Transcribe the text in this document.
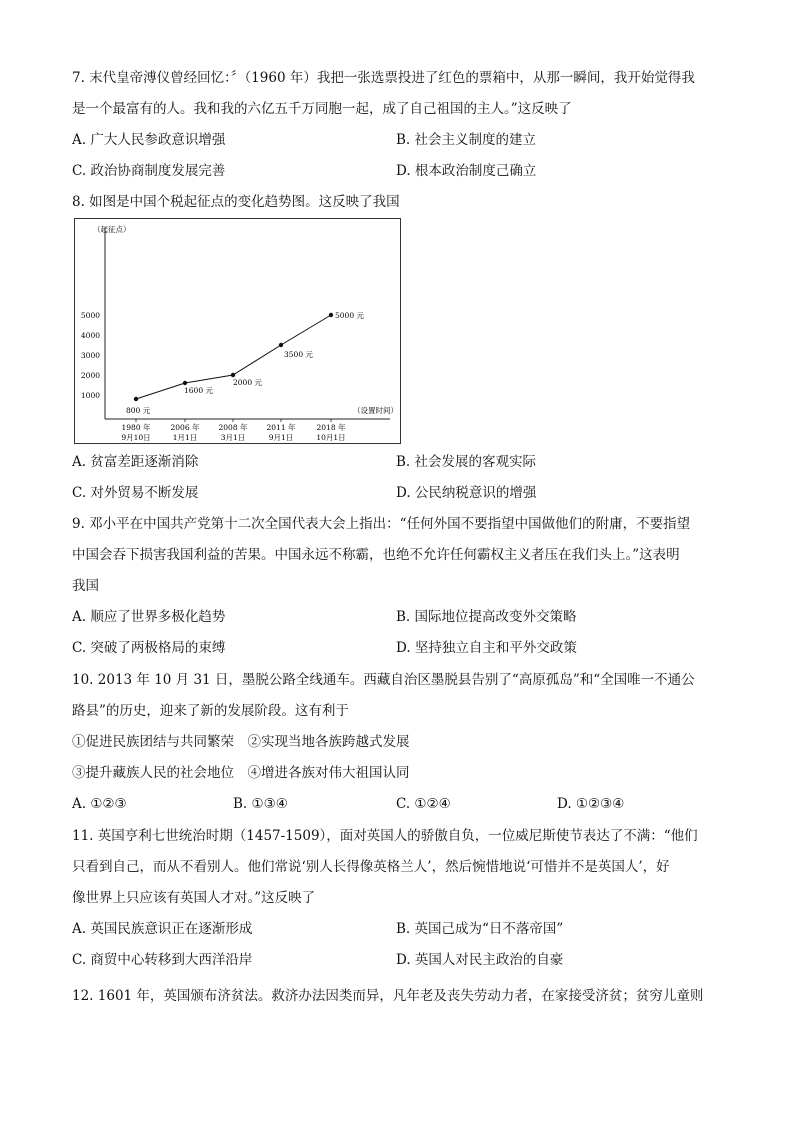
7. 末代皇帝溥仪曾经回忆：〞（1960 年）我把一张选票投进了红色的票箱中，从那一瞬间，我开始觉得我
是一个最富有的人。我和我的六亿五千万同胞一起，成了自己祖国的主人。”这反映了
A. 广大人民参政意识增强	B. 社会主义制度的建立
C. 政治协商制度发展完善	D. 根本政治制度己确立
8. 如图是中国个税起征点的变化趋势图。这反映了我国
（起征点）
（设置时间）
1000
2000
3000
4000
5000
1980 年
9月10日
2006 年
1月1日
2008 年
3月1日
2011 年
9月1日
2018 年
10月1日
800 元
1600 元
2000 元
3500 元
5000 元
A. 贫富差距逐渐消除	B. 社会发展的客观实际
C. 对外贸易不断发展	D. 公民纳税意识的增强
9. 邓小平在中国共产党第十二次全国代表大会上指出：“任何外国不要指望中国做他们的附庸，不要指望
中国会吞下损害我国利益的苦果。中国永远不称霸，也绝不允许任何霸权主义者压在我们头上。”这表明
我国
A. 顺应了世界多极化趋势	B. 国际地位提高改变外交策略
C. 突破了两极格局的束缚	D. 坚持独立自主和平外交政策
10. 2013 年 10 月 31 日，墨脱公路全线通车。西藏自治区墨脱县告别了“高原孤岛”和“全国唯一不通公
路县”的历史，迎来了新的发展阶段。这有利于
①促进民族团结与共同繁荣　②实现当地各族跨越式发展
③提升藏族人民的社会地位　④增进各族对伟大祖国认同
A. ①②③	B. ①③④	C. ①②④	D. ①②③④
11. 英国亨利七世统治时期（1457-1509），面对英国人的骄傲自负，一位威尼斯使节表达了不满：“他们
只看到自己，而从不看别人。他们常说‘别人长得像英格兰人’，然后惋惜地说‘可惜并不是英国人’，好
像世界上只应该有英国人才对。”这反映了
A. 英国民族意识正在逐渐形成	B. 英国己成为“日不落帝国”
C. 商贸中心转移到大西洋沿岸	D. 英国人对民主政治的自豪
12. 1601 年，英国颁布济贫法。救济办法因类而异，凡年老及丧失劳动力者，在家接受济贫；贫穷儿童则
